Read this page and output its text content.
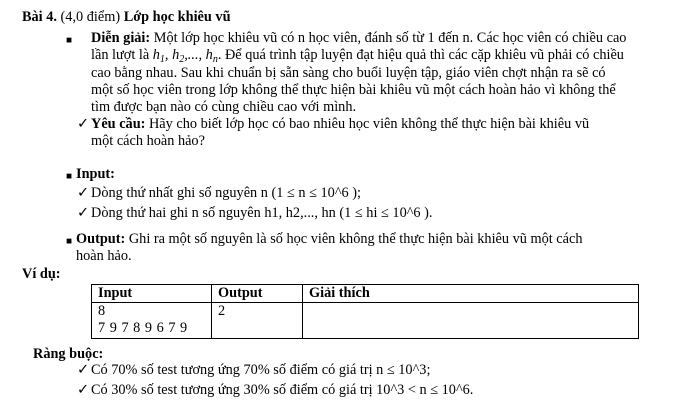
Bài 4. (4,0 điểm) Lớp học khiêu vũ
■ Diễn giải: Một lớp học khiêu vũ có n học viên, đánh số từ 1 đến n. Các học viên có chiều cao
lần lượt là $h_1$, $h_2$,..., $h_n$. Để quá trình tập luyện đạt hiệu quả thì các cặp khiêu vũ phải có chiều
cao bằng nhau. Sau khi chuẩn bị sẵn sàng cho buổi luyện tập, giáo viên chợt nhận ra sẽ có
một số học viên trong lớp không thể thực hiện bài khiêu vũ một cách hoàn hảo vì không thể
tìm được bạn nào có cùng chiều cao với mình.
✓ Yêu cầu: Hãy cho biết lớp học có bao nhiêu học viên không thể thực hiện bài khiêu vũ
một cách hoàn hảo?
■ Input:
✓ Dòng thứ nhất ghi số nguyên n (1 ≤ n ≤ 10^6 );
✓ Dòng thứ hai ghi n số nguyên h1, h2,..., hn (1 ≤ hi ≤ 10^6 ).
■ Output: Ghi ra một số nguyên là số học viên không thể thực hiện bài khiêu vũ một cách
hoàn hảo.
Ví dụ:
Input	Output	Giải thích

8
7 9 7 8 9 6 7 9	2	
Ràng buộc:
✓ Có 70% số test tương ứng 70% số điểm có giá trị n ≤ 10^3;
✓ Có 30% số test tương ứng 30% số điểm có giá trị 10^3 < n ≤ 10^6.
